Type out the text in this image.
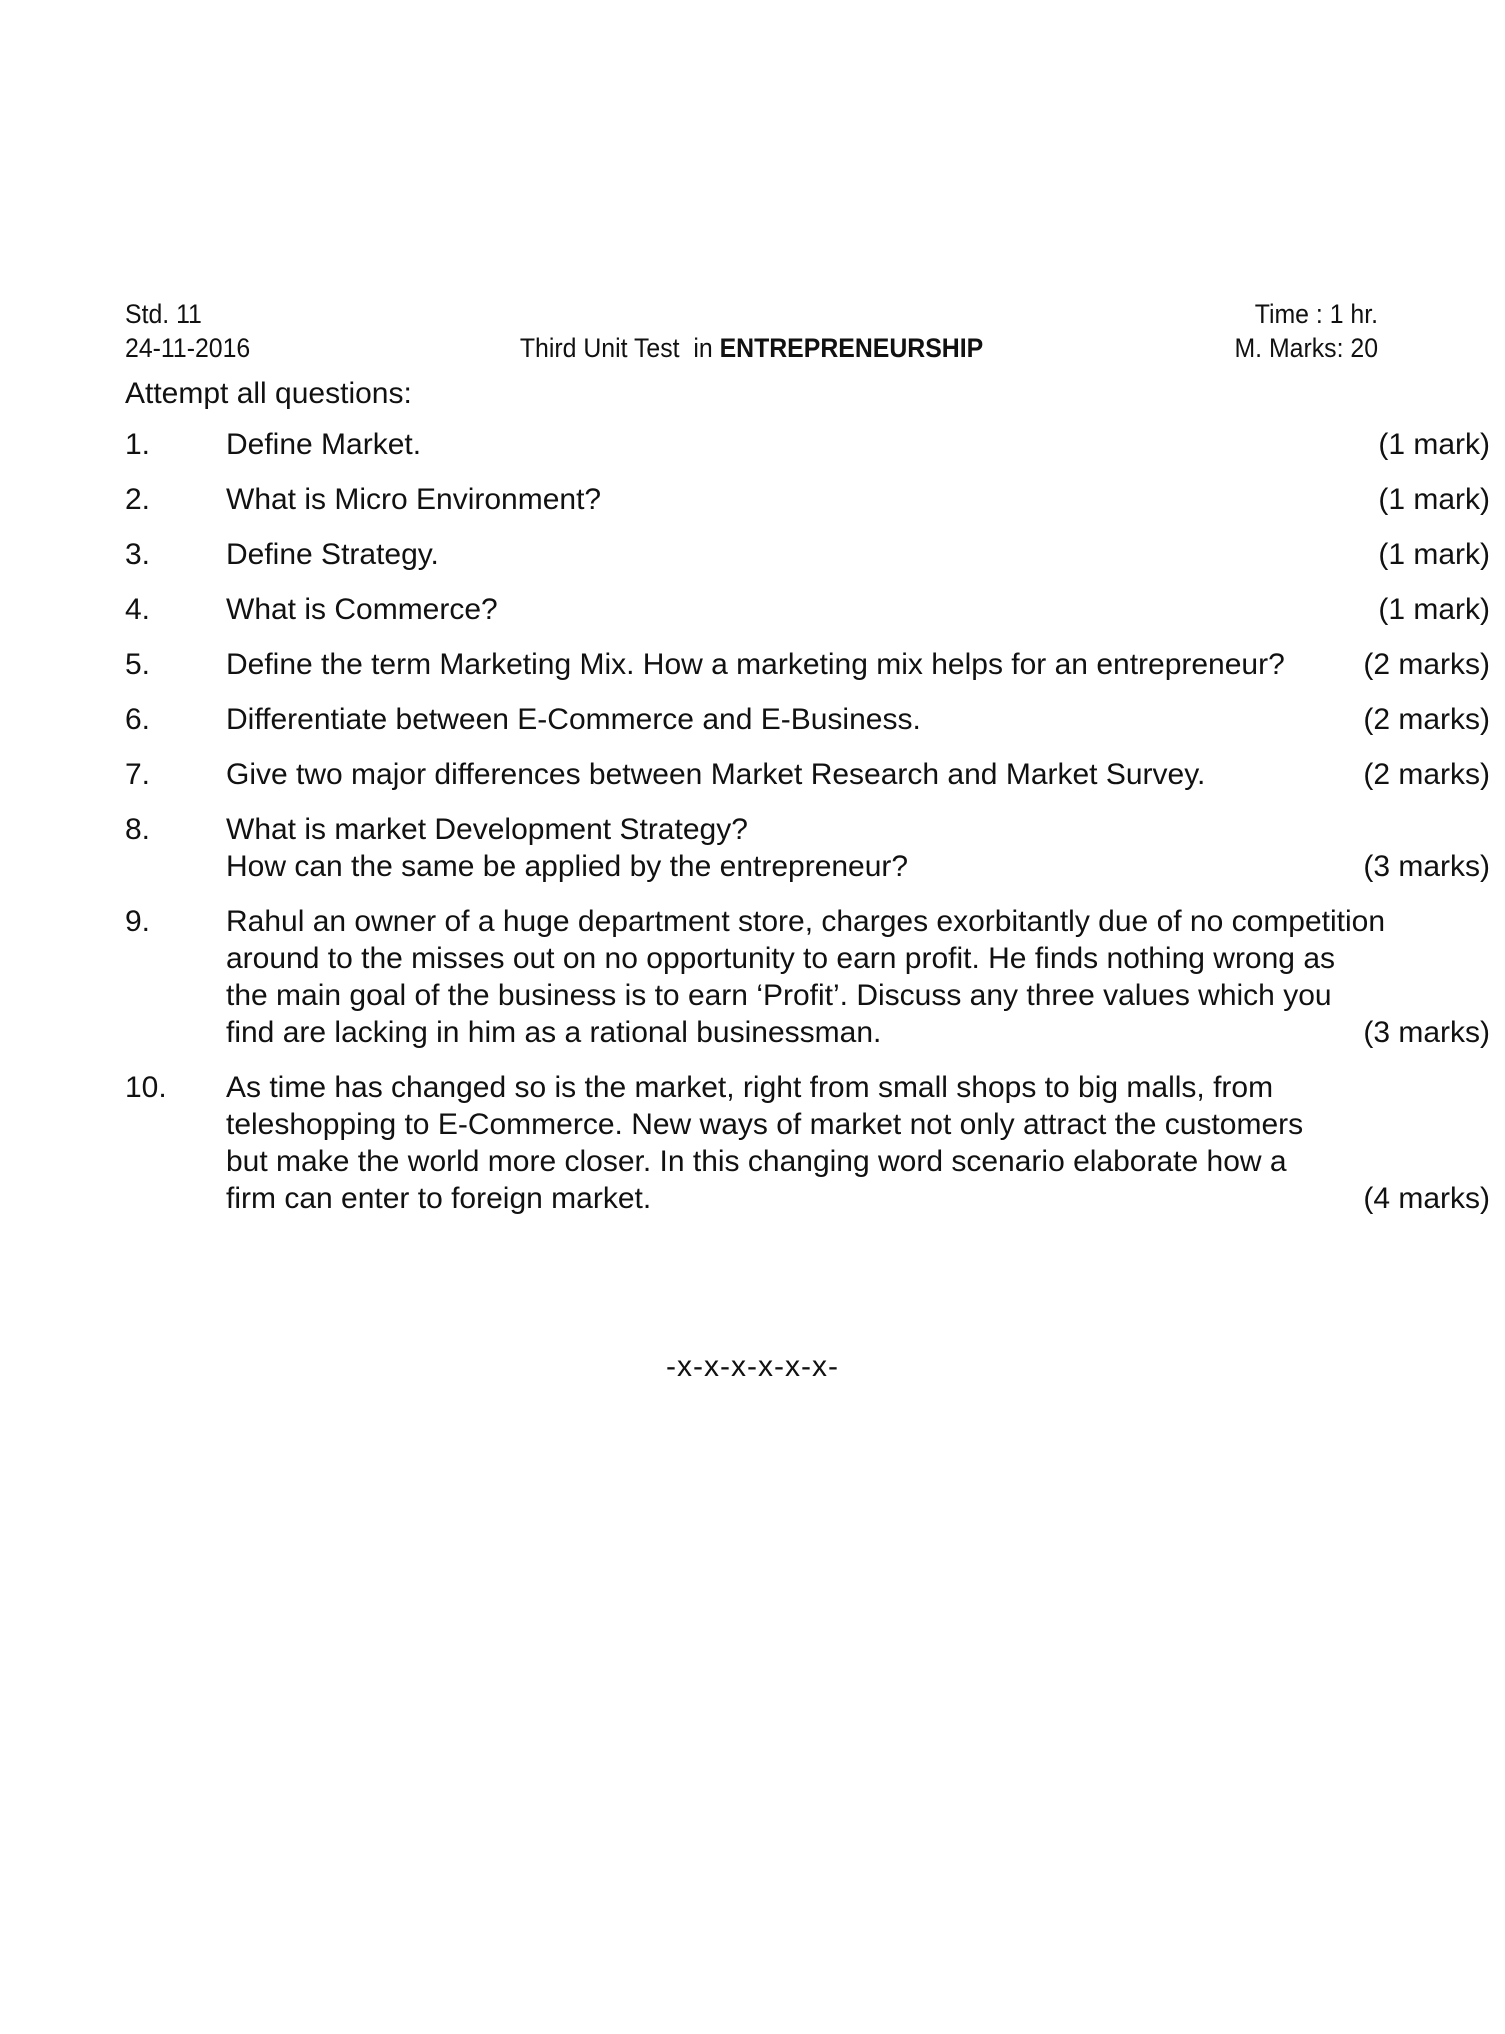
Std. 11
24-11-2016	Third Unit Test  in ENTREPRENEURSHIP
Time : 1 hr.
M. Marks: 20
Attempt all questions:
1.	Define Market.	(1 mark)
2.	What is Micro Environment?	(1 mark)
3.	Define Strategy.	(1 mark)
4.	What is Commerce?	(1 mark)
5.	Define the term Marketing Mix. How a marketing mix helps for an entrepreneur?	(2 marks)
6.	Differentiate between E-Commerce and E-Business.	(2 marks)
7.	Give two major differences between Market Research and Market Survey.	(2 marks)
8.	What is market Development Strategy?
How can the same be applied by the entrepreneur?	(3 marks)
9.	Rahul an owner of a huge department store, charges exorbitantly due of no competition
around to the misses out on no opportunity to earn profit. He finds nothing wrong as
the main goal of the business is to earn ‘Profit’. Discuss any three values which you
find are lacking in him as a rational businessman.	(3 marks)
10.	As time has changed so is the market, right from small shops to big malls, from
teleshopping to E-Commerce. New ways of market not only attract the customers
but make the world more closer. In this changing word scenario elaborate how a
firm can enter to foreign market.	(4 marks)
-x-x-x-x-x-x-
